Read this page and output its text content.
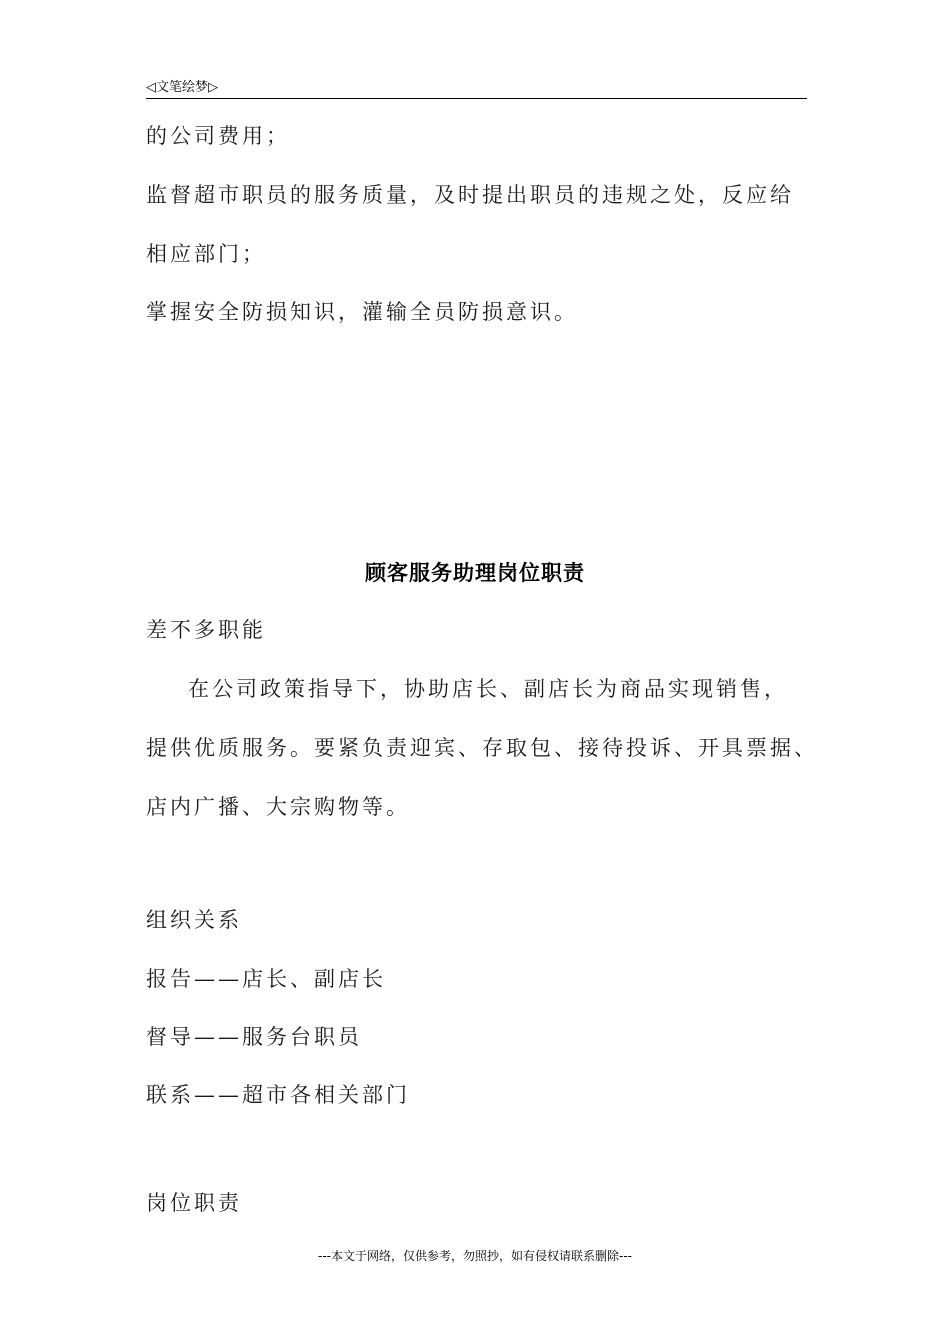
◁文笔绘梦▷
的公司费用；
监督超市职员的服务质量，及时提出职员的违规之处，反应给
相应部门；
掌握安全防损知识，灌输全员防损意识。
顾客服务助理岗位职责
差不多职能
在公司政策指导下，协助店长、副店长为商品实现销售，
提供优质服务。要紧负责迎宾、存取包、接待投诉、开具票据、
店内广播、大宗购物等。
组织关系
报告——店长、副店长
督导——服务台职员
联系——超市各相关部门
岗位职责
---本文于网络，仅供参考，勿照抄，如有侵权请联系删除---
